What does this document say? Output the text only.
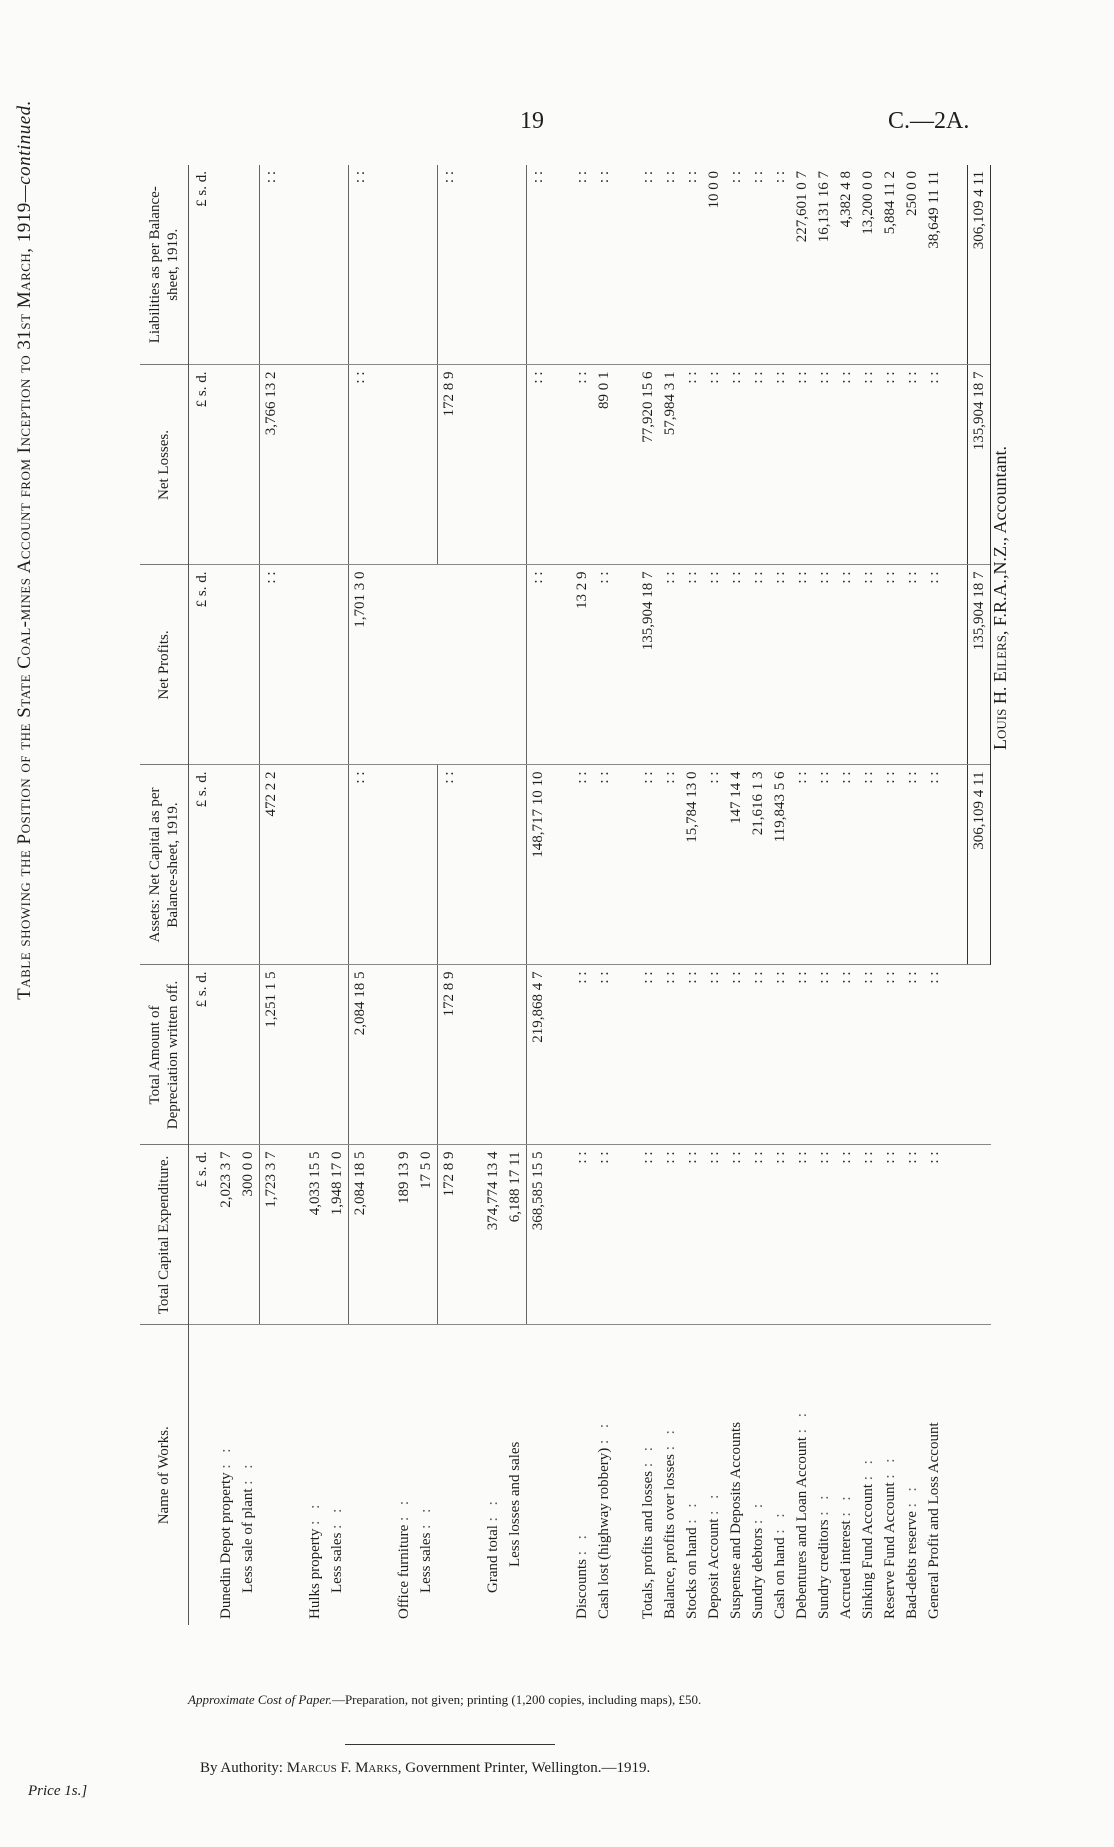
19	C.—2A.
Table showing the Position of the State Coal-mines Account from Inception to 31st March, 1919—continued.
Name of Works.	Total Capital Expenditure.	Total Amount of Depreciation written off.	Assets: Net Capital as per Balance-sheet, 1919.	Net Profits.	Net Losses.	Liabilities as per Balance-sheet, 1919.
	£ s. d.	£ s. d.	£ s. d.	£ s. d.	£ s. d.	£ s. d.
Dunedin Depot property : :	2,023 3 7					
Less sale of plant : :	300 0 0					
	1,723 3 7	1,251 1 5	472 2 2	: :	3,766 13 2	: :

Hulks property : :	4,033 15 5					
Less sales : :	1,948 17 0					
	2,084 18 5	2,084 18 5	: :	1,701 3 0	: :	: :

Office furniture : :	189 13 9					
Less sales : :	17 5 0					
	172 8 9	172 8 9	: :		172 8 9	: :

Grand total : :	374,774 13 4					
Less losses and sales	6,188 17 11					
	368,585 15 5	219,868 4 7	148,717 10 10	: :	: :	: :

Discounts : :	: :	: :	: :	13 2 9	: :	: :
Cash lost (highway robbery) : :	: :	: :	: :	: :	89 0 1	: :

Totals, profits and losses : :	: :	: :	: :	135,904 18 7	77,920 15 6	: :
Balance, profits over losses : :	: :	: :	: :	: :	57,984 3 1	: :
Stocks on hand : :	: :	: :	15,784 13 0	: :	: :	: :
Deposit Account : :	: :	: :	: :	: :	: :	10 0 0
Suspense and Deposits Accounts	: :	: :	147 14 4	: :	: :	: :
Sundry debtors : :	: :	: :	21,616 1 3	: :	: :	: :
Cash on hand : :	: :	: :	119,843 5 6	: :	: :	: :
Debentures and Loan Account : :	: :	: :	: :	: :	: :	227,601 0 7
Sundry creditors : :	: :	: :	: :	: :	: :	16,131 16 7
Accrued interest : :	: :	: :	: :	: :	: :	4,382 4 8
Sinking Fund Account : :	: :	: :	: :	: :	: :	13,200 0 0
Reserve Fund Account : :	: :	: :	: :	: :	: :	5,884 11 2
Bad-debts reserve : :	: :	: :	: :	: :	: :	250 0 0
General Profit and Loss Account	: :	: :	: :	: :	: :	38,649 11 11

			306,109 4 11	135,904 18 7	135,904 18 7	306,109 4 11
Louis H. Eilers, F.R.A.,N.Z., Accountant.
Approximate Cost of Paper.—Preparation, not given; printing (1,200 copies, including maps), £50.
By Authority: Marcus F. Marks, Government Printer, Wellington.—1919.
Price 1s.]
